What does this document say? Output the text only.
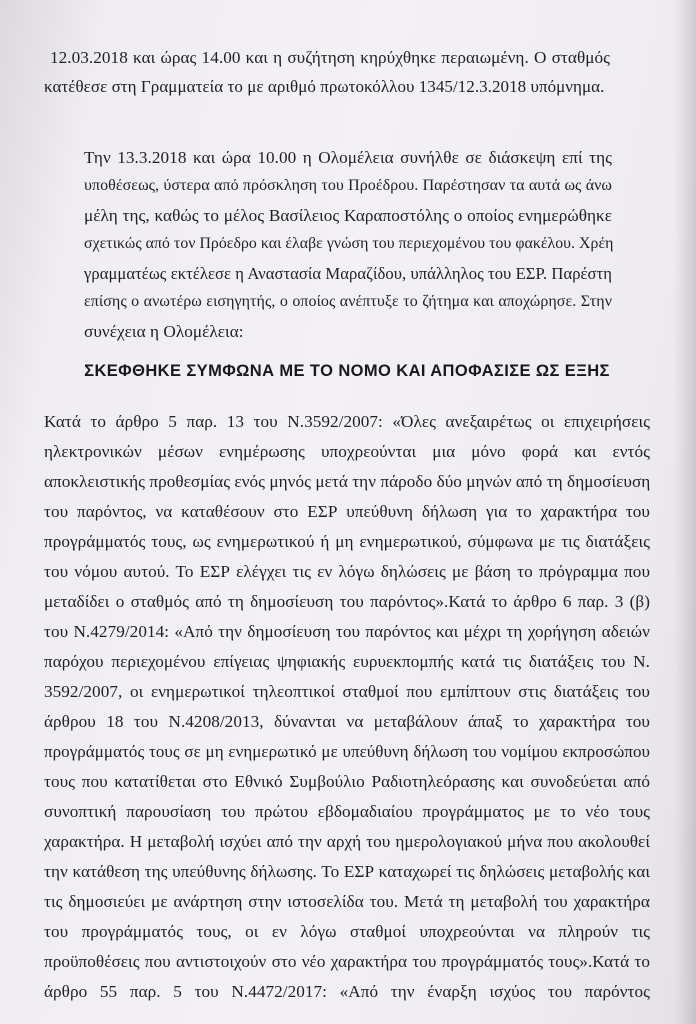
12.03.2018 και ώρας 14.00 και η συζήτηση κηρύχθηκε περαιωμένη. Ο σταθμός
κατέθεσε στη Γραμματεία το με αριθμό πρωτοκόλλου 1345/12.3.2018 υπόμνημα.
Την 13.3.2018 και ώρα 10.00 η Ολομέλεια συνήλθε σε διάσκεψη επί της
υποθέσεως, ύστερα από πρόσκληση του Προέδρου. Παρέστησαν τα αυτά ως άνω
μέλη της, καθώς το μέλος Βασίλειος Καραποστόλης ο οποίος ενημερώθηκε
σχετικώς από τον Πρόεδρο και έλαβε γνώση του περιεχομένου του φακέλου. Χρέη
γραμματέως εκτέλεσε η Αναστασία Μαραζίδου, υπάλληλος του ΕΣΡ. Παρέστη
επίσης ο ανωτέρω εισηγητής, ο οποίος ανέπτυξε το ζήτημα και αποχώρησε. Στην
συνέχεια η Ολομέλεια:
ΣΚΕΦΘΗΚΕ ΣΥΜΦΩΝΑ ΜΕ ΤΟ ΝΟΜΟ ΚΑΙ ΑΠΟΦΑΣΙΣΕ ΩΣ ΕΞΗΣ
Κατά το άρθρο 5 παρ. 13 του Ν.3592/2007: «Όλες ανεξαιρέτως οι επιχειρήσεις
ηλεκτρονικών μέσων ενημέρωσης υποχρεούνται μια μόνο φορά και εντός
αποκλειστικής προθεσμίας ενός μηνός μετά την πάροδο δύο μηνών από τη δημοσίευση
του παρόντος, να καταθέσουν στο ΕΣΡ υπεύθυνη δήλωση για το χαρακτήρα του
προγράμματός τους, ως ενημερωτικού ή μη ενημερωτικού, σύμφωνα με τις διατάξεις
του νόμου αυτού. Το ΕΣΡ ελέγχει τις εν λόγω δηλώσεις με βάση το πρόγραμμα που
μεταδίδει ο σταθμός από τη δημοσίευση του παρόντος».Κατά το άρθρο 6 παρ. 3 (β)
του Ν.4279/2014: «Από την δημοσίευση του παρόντος και μέχρι τη χορήγηση αδειών
παρόχου περιεχομένου επίγειας ψηφιακής ευρυεκπομπής κατά τις διατάξεις του Ν.
3592/2007, οι ενημερωτικοί τηλεοπτικοί σταθμοί που εμπίπτουν στις διατάξεις του
άρθρου 18 του Ν.4208/2013, δύνανται να μεταβάλουν άπαξ το χαρακτήρα του
προγράμματός τους σε μη ενημερωτικό με υπεύθυνη δήλωση του νομίμου εκπροσώπου
τους που κατατίθεται στο Εθνικό Συμβούλιο Ραδιοτηλεόρασης και συνοδεύεται από
συνοπτική παρουσίαση του πρώτου εβδομαδιαίου προγράμματος με το νέο τους
χαρακτήρα. Η μεταβολή ισχύει από την αρχή του ημερολογιακού μήνα που ακολουθεί
την κατάθεση της υπεύθυνης δήλωσης. Το ΕΣΡ καταχωρεί τις δηλώσεις μεταβολής και
τις δημοσιεύει με ανάρτηση στην ιστοσελίδα του. Μετά τη μεταβολή του χαρακτήρα
του προγράμματός τους, οι εν λόγω σταθμοί υποχρεούνται να πληρούν τις
προϋποθέσεις που αντιστοιχούν στο νέο χαρακτήρα του προγράμματός τους».Κατά το
άρθρο 55 παρ. 5 του Ν.4472/2017: «Από την έναρξη ισχύος του παρόντος
